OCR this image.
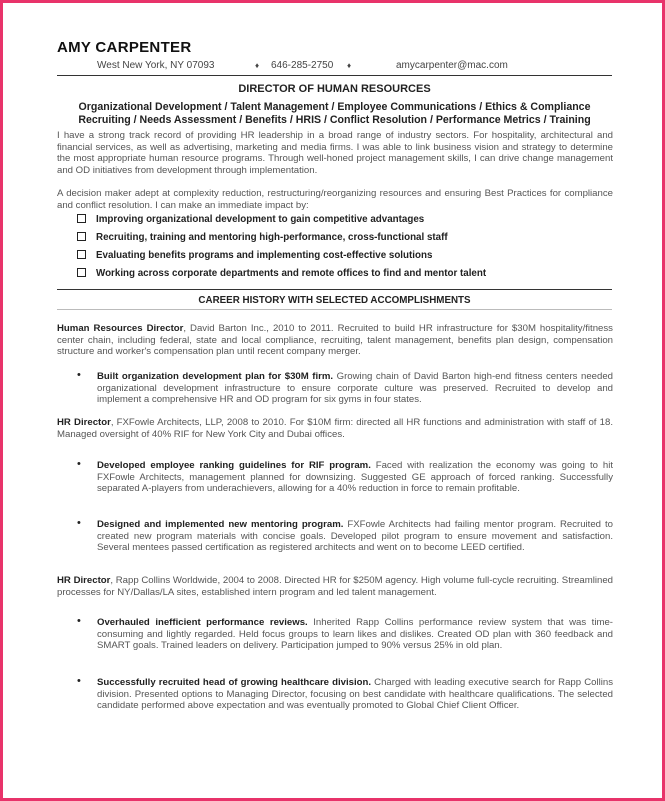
AMY CARPENTER
West New York, NY 07093	♦ 646-285-2750 ♦	amycarpenter@mac.com
DIRECTOR OF HUMAN RESOURCES
Organizational Development / Talent Management / Employee Communications / Ethics & Compliance
Recruiting / Needs Assessment / Benefits / HRIS / Conflict Resolution / Performance Metrics / Training
I have a strong track record of providing HR leadership in a broad range of industry sectors. For hospitality, architectural and financial services, as well as advertising, marketing and media firms. I was able to link business vision and strategy to determine the most appropriate human resource programs. Through well-honed project management skills, I can drive change management and OD initiatives from development through implementation.
A decision maker adept at complexity reduction, restructuring/reorganizing resources and ensuring Best Practices for compliance and conflict resolution. I can make an immediate impact by:
Improving organizational development to gain competitive advantages
Recruiting, training and mentoring high-performance, cross-functional staff
Evaluating benefits programs and implementing cost-effective solutions
Working across corporate departments and remote offices to find and mentor talent
CAREER HISTORY WITH SELECTED ACCOMPLISHMENTS
Human Resources Director, David Barton Inc., 2010 to 2011. Recruited to build HR infrastructure for $30M hospitality/fitness center chain, including federal, state and local compliance, recruiting, talent management, benefits plan design, compensation structure and worker's compensation plan until recent company merger.
• Built organization development plan for $30M firm. Growing chain of David Barton high-end fitness centers needed organizational development infrastructure to ensure corporate culture was preserved. Recruited to develop and implement a comprehensive HR and OD program for six gyms in four states.
HR Director, FXFowle Architects, LLP, 2008 to 2010. For $10M firm: directed all HR functions and administration with staff of 18. Managed oversight of 40% RIF for New York City and Dubai offices.
• Developed employee ranking guidelines for RIF program. Faced with realization the economy was going to hit FXFowle Architects, management planned for downsizing. Suggested GE approach of forced ranking. Successfully separated A-players from underachievers, allowing for a 40% reduction in force to remain profitable.
• Designed and implemented new mentoring program. FXFowle Architects had failing mentor program. Recruited to created new program materials with concise goals. Developed pilot program to ensure movement and satisfaction. Several mentees passed certification as registered architects and went on to become LEED certified.
HR Director, Rapp Collins Worldwide, 2004 to 2008. Directed HR for $250M agency. High volume full-cycle recruiting. Streamlined processes for NY/Dallas/LA sites, established intern program and led talent management.
• Overhauled inefficient performance reviews. Inherited Rapp Collins performance review system that was time-consuming and lightly regarded. Held focus groups to learn likes and dislikes. Created OD plan with 360 feedback and SMART goals. Trained leaders on delivery. Participation jumped to 90% versus 25% in old plan.
• Successfully recruited head of growing healthcare division. Charged with leading executive search for Rapp Collins division. Presented options to Managing Director, focusing on best candidate with healthcare qualifications. The selected candidate performed above expectation and was eventually promoted to Global Chief Client Officer.
